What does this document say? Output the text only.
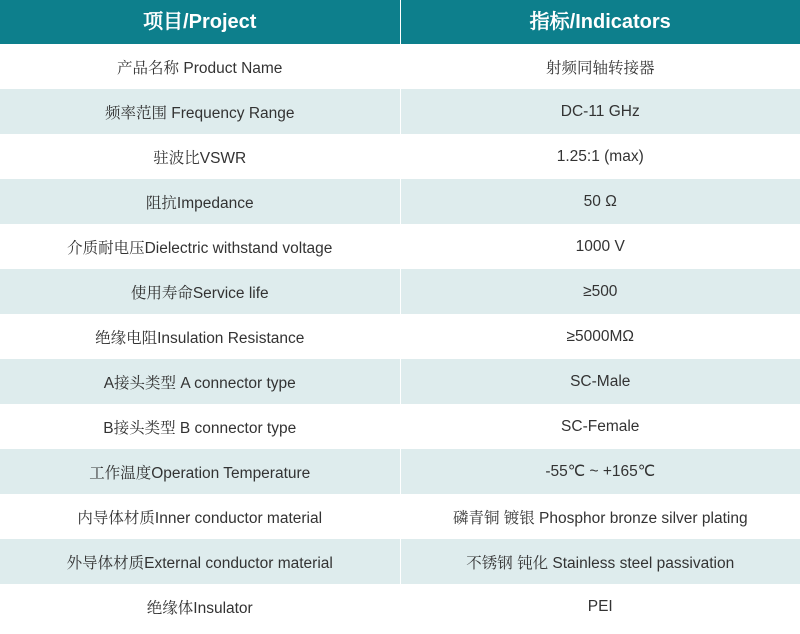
项目/Project	指标/Indicators
产品名称 Product Name	射频同轴转接器
频率范围 Frequency Range	DC-11 GHz
驻波比VSWR	1.25:1 (max)
阻抗Impedance	50 Ω
介质耐电压Dielectric withstand voltage	1000 V
使用寿命Service life	≥500
绝缘电阻Insulation Resistance	≥5000MΩ
A接头类型 A connector type	SC-Male
B接头类型 B connector type	SC-Female
工作温度Operation Temperature	-55℃ ~ +165℃
内导体材质Inner conductor material	磷青铜 镀银 Phosphor bronze silver plating
外导体材质External conductor material	不锈钢 钝化 Stainless steel passivation
绝缘体Insulator	PEI
